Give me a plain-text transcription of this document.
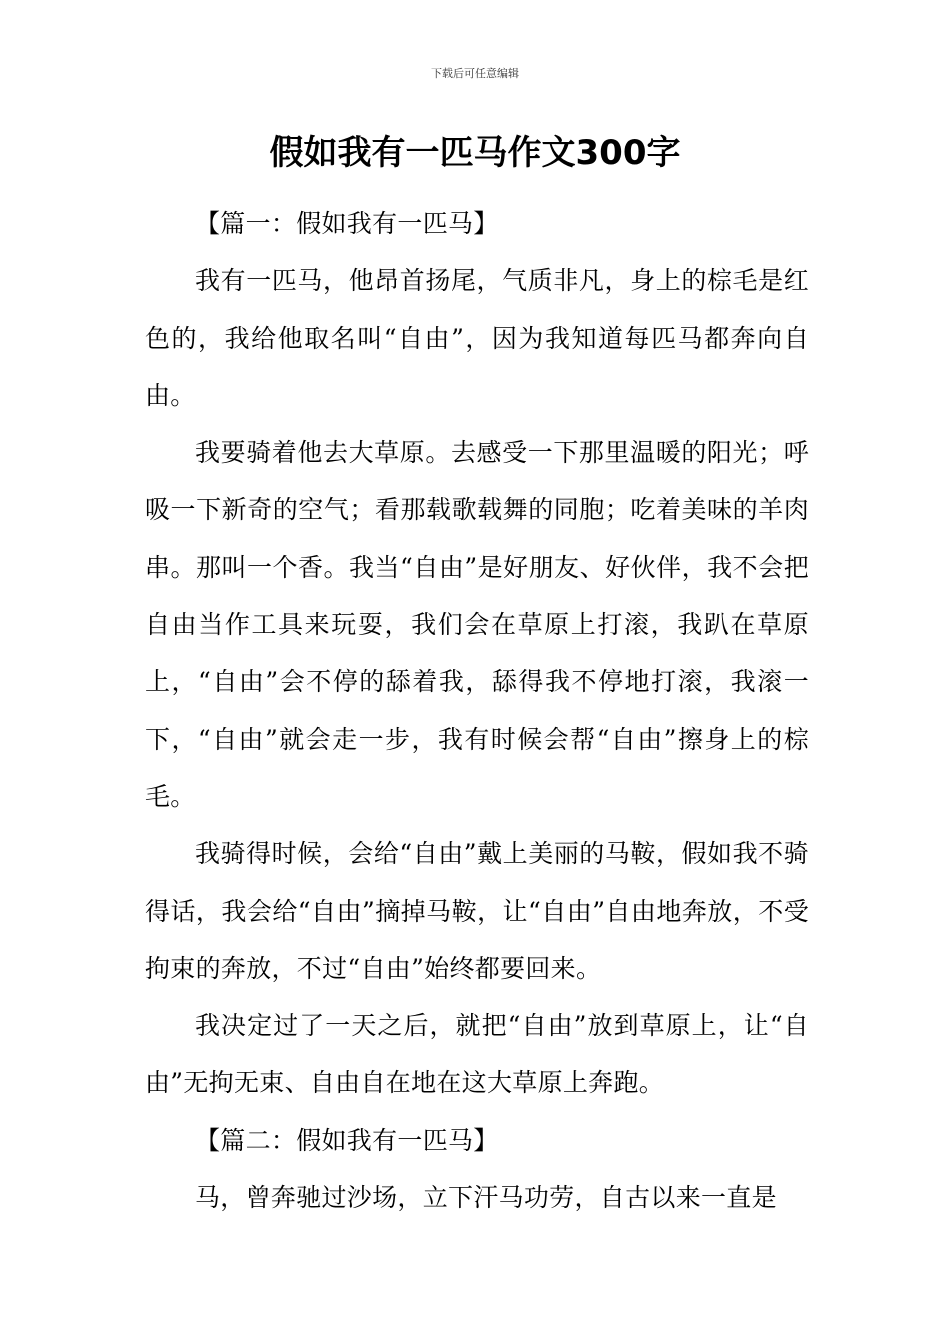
下载后可任意编辑
假如我有一匹马作文300字

【篇一：假如我有一匹马】

我有一匹马，他昂首扬尾，气质非凡，身上的棕毛是红色的，我给他取名叫“自由”，因为我知道每匹马都奔向自由。

我要骑着他去大草原。去感受一下那里温暖的阳光；呼吸一下新奇的空气；看那载歌载舞的同胞；吃着美味的羊肉串。那叫一个香。我当“自由”是好朋友、好伙伴，我不会把自由当作工具来玩耍，我们会在草原上打滚，我趴在草原上，“自由”会不停的舔着我，舔得我不停地打滚，我滚一下，“自由”就会走一步，我有时候会帮“自由”擦身上的棕毛。

我骑得时候，会给“自由”戴上美丽的马鞍，假如我不骑得话，我会给“自由”摘掉马鞍，让“自由”自由地奔放，不受拘束的奔放，不过“自由”始终都要回来。

我决定过了一天之后，就把“自由”放到草原上，让“自由”无拘无束、自由自在地在这大草原上奔跑。

【篇二：假如我有一匹马】

马，曾奔驰过沙场，立下汗马功劳，自古以来一直是
